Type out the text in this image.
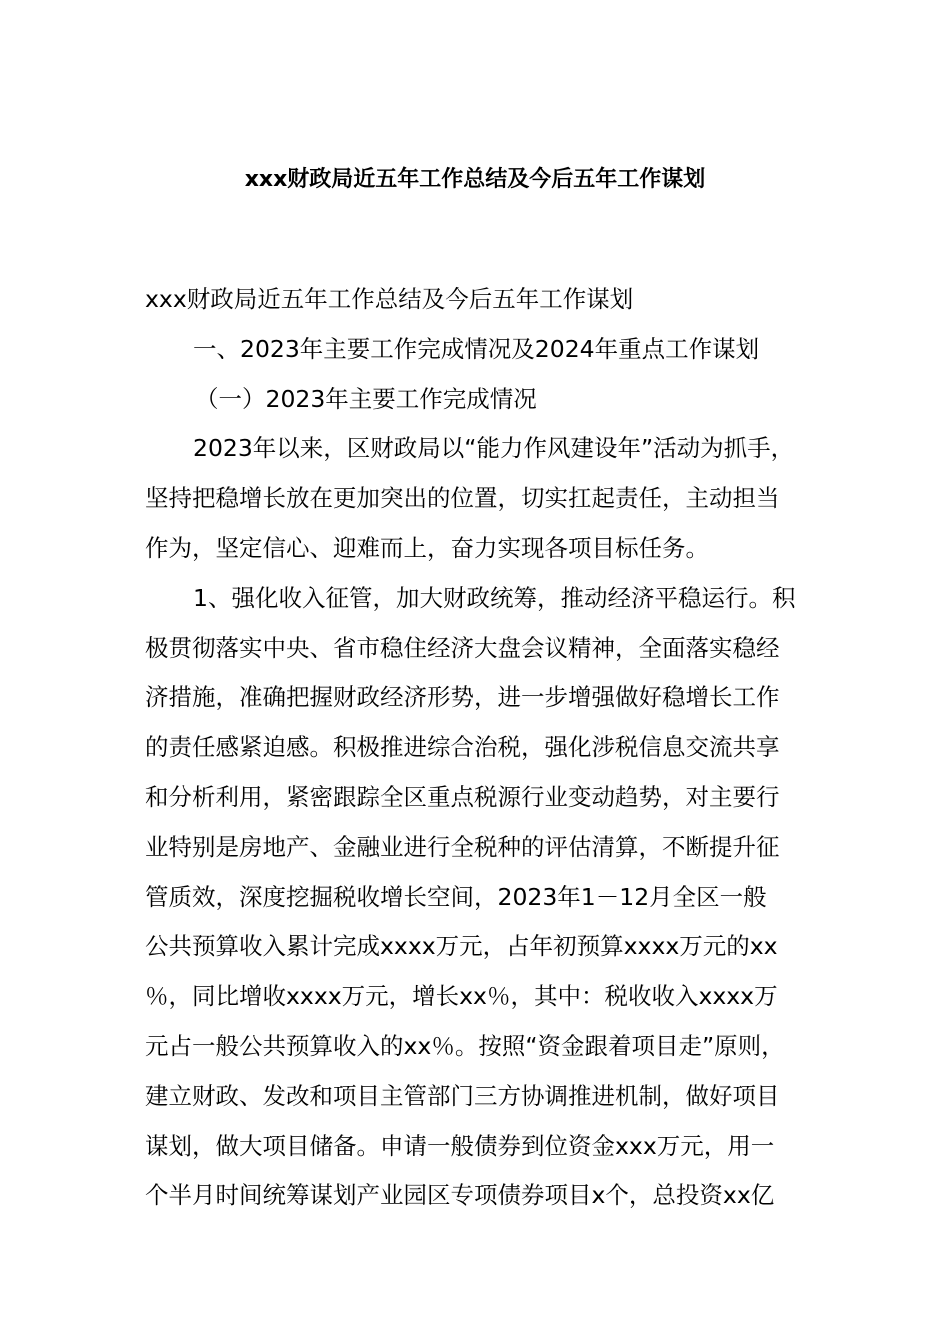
xxx财政局近五年工作总结及今后五年工作谋划
xxx财政局近五年工作总结及今后五年工作谋划
一、2023年主要工作完成情况及2024年重点工作谋划
（一）2023年主要工作完成情况
2023年以来，区财政局以“能力作风建设年”活动为抓手，
坚持把稳增长放在更加突出的位置，切实扛起责任，主动担当
作为，坚定信心、迎难而上，奋力实现各项目标任务。
1、强化收入征管，加大财政统筹，推动经济平稳运行。积
极贯彻落实中央、省市稳住经济大盘会议精神，全面落实稳经
济措施，准确把握财政经济形势，进一步增强做好稳增长工作
的责任感紧迫感。积极推进综合治税，强化涉税信息交流共享
和分析利用，紧密跟踪全区重点税源行业变动趋势，对主要行
业特别是房地产、金融业进行全税种的评估清算，不断提升征
管质效，深度挖掘税收增长空间，2023年1－12月全区一般
公共预算收入累计完成xxxx万元，占年初预算xxxx万元的xx
％，同比增收xxxx万元，增长xx％，其中：税收收入xxxx万
元占一般公共预算收入的xx％。按照“资金跟着项目走”原则，
建立财政、发改和项目主管部门三方协调推进机制，做好项目
谋划，做大项目储备。申请一般债券到位资金xxx万元，用一
个半月时间统筹谋划产业园区专项债券项目x个，总投资xx亿
